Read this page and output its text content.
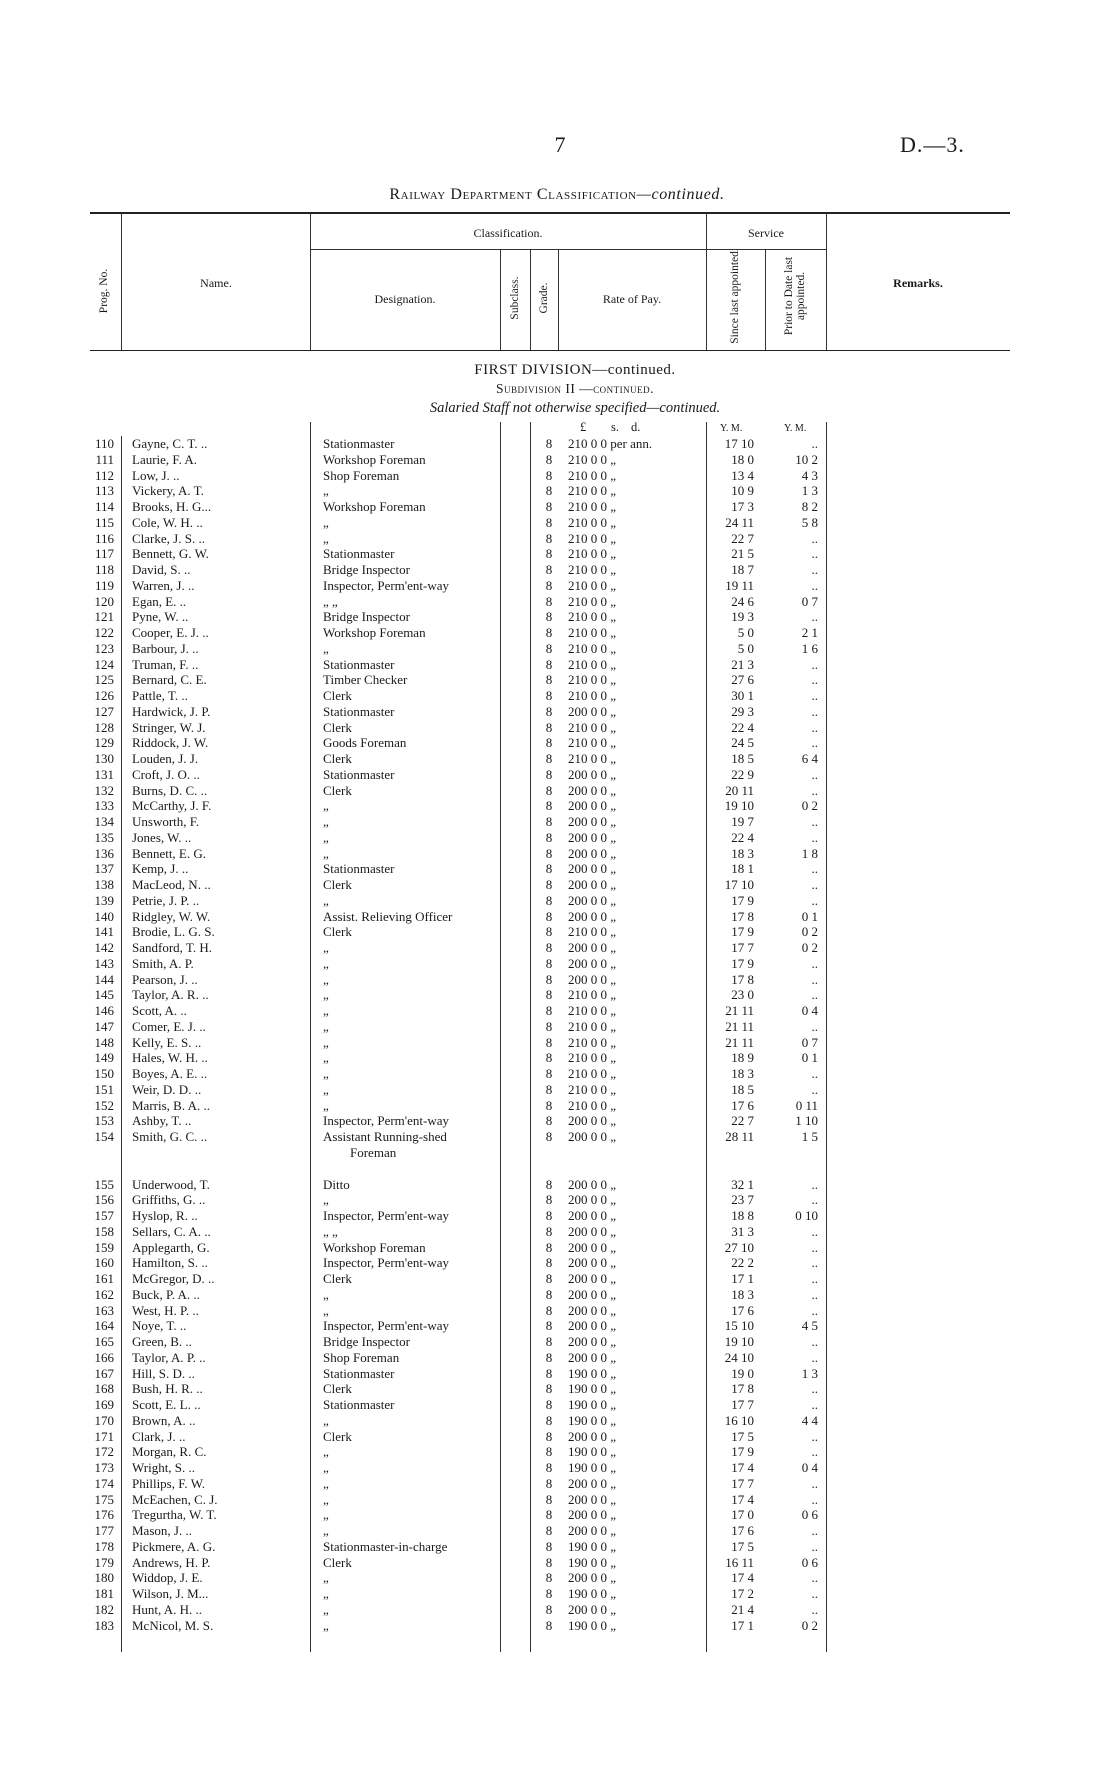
7	D.—3.
Railway Department Classification—continued.
Prog. No.	Name.
Classification.	Service
Designation.	Subclass. Grade.	Rate of Pay.	Since last appointed.	Prior to Date last appointed.	Remarks.
FIRST DIVISION—continued.
Subdivision II —continued.
Salaried Staff not otherwise specified—continued.
£ s. d.	Y. M.	Y. M.
110 Gayne, C. T. ..	Stationmaster	8 210 0 0 per ann.	17 10	..
111 Laurie, F. A.	Workshop Foreman	8 210 0 0 „	18 0	10 2
112 Low, J. ..	Shop Foreman	8 210 0 0 „	13 4	4 3
113 Vickery, A. T.	„	8 210 0 0 „	10 9	1 3
114 Brooks, H. G...	Workshop Foreman	8 210 0 0 „	17 3	8 2
115 Cole, W. H. ..	„	8 210 0 0 „	24 11	5 8
116 Clarke, J. S. ..	„	8 210 0 0 „	22 7	..
117 Bennett, G. W.	Stationmaster	8 210 0 0 „	21 5	..
118 David, S. ..	Bridge Inspector	8 210 0 0 „	18 7	..
119 Warren, J. ..	Inspector, Perm'ent-way	8 210 0 0 „	19 11	..
120 Egan, E. ..	„ „	8 210 0 0 „	24 6	0 7
121 Pyne, W. ..	Bridge Inspector	8 210 0 0 „	19 3	..
122 Cooper, E. J. ..	Workshop Foreman	8 210 0 0 „	5 0	2 1
123 Barbour, J. ..	„	8 210 0 0 „	5 0	1 6
124 Truman, F. ..	Stationmaster	8 210 0 0 „	21 3	..
125 Bernard, C. E.	Timber Checker	8 210 0 0 „	27 6	..
126 Pattle, T. ..	Clerk	8 210 0 0 „	30 1	..
127 Hardwick, J. P.	Stationmaster	8 200 0 0 „	29 3	..
128 Stringer, W. J.	Clerk	8 210 0 0 „	22 4	..
129 Riddock, J. W.	Goods Foreman	8 210 0 0 „	24 5	..
130 Louden, J. J.	Clerk	8 210 0 0 „	18 5	6 4
131 Croft, J. O. ..	Stationmaster	8 200 0 0 „	22 9	..
132 Burns, D. C. ..	Clerk	8 200 0 0 „	20 11	..
133 McCarthy, J. F.	„	8 200 0 0 „	19 10	0 2
134 Unsworth, F.	„	8 200 0 0 „	19 7	..
135 Jones, W. ..	„	8 200 0 0 „	22 4	..
136 Bennett, E. G.	„	8 200 0 0 „	18 3	1 8
137 Kemp, J. ..	Stationmaster	8 200 0 0 „	18 1	..
138 MacLeod, N. ..	Clerk	8 200 0 0 „	17 10	..
139 Petrie, J. P. ..	„	8 200 0 0 „	17 9	..
140 Ridgley, W. W.	Assist. Relieving Officer	8 200 0 0 „	17 8	0 1
141 Brodie, L. G. S.	Clerk	8 210 0 0 „	17 9	0 2
142 Sandford, T. H.	„	8 200 0 0 „	17 7	0 2
143 Smith, A. P.	„	8 200 0 0 „	17 9	..
144 Pearson, J. ..	„	8 200 0 0 „	17 8	..
145 Taylor, A. R. ..	„	8 210 0 0 „	23 0	..
146 Scott, A. ..	„	8 210 0 0 „	21 11	0 4
147 Comer, E. J. ..	„	8 210 0 0 „	21 11	..
148 Kelly, E. S. ..	„	8 210 0 0 „	21 11	0 7
149 Hales, W. H. ..	„	8 210 0 0 „	18 9	0 1
150 Boyes, A. E. ..	„	8 210 0 0 „	18 3	..
151 Weir, D. D. ..	„	8 210 0 0 „	18 5	..
152 Marris, B. A. ..	„	8 210 0 0 „	17 6	0 11
153 Ashby, T. ..	Inspector, Perm'ent-way	8 200 0 0 „	22 7	1 10
154 Smith, G. C. ..	Assistant Running-shed	8 200 0 0 „	28 11	1 5
Foreman
155 Underwood, T.	Ditto	8 200 0 0 „	32 1	..
156 Griffiths, G. ..	„	8 200 0 0 „	23 7	..
157 Hyslop, R. ..	Inspector, Perm'ent-way	8 200 0 0 „	18 8	0 10
158 Sellars, C. A. ..	„ „	8 200 0 0 „	31 3	..
159 Applegarth, G.	Workshop Foreman	8 200 0 0 „	27 10	..
160 Hamilton, S. ..	Inspector, Perm'ent-way	8 200 0 0 „	22 2	..
161 McGregor, D. ..	Clerk	8 200 0 0 „	17 1	..
162 Buck, P. A. ..	„	8 200 0 0 „	18 3	..
163 West, H. P. ..	„	8 200 0 0 „	17 6	..
164 Noye, T. ..	Inspector, Perm'ent-way	8 200 0 0 „	15 10	4 5
165 Green, B. ..	Bridge Inspector	8 200 0 0 „	19 10	..
166 Taylor, A. P. ..	Shop Foreman	8 200 0 0 „	24 10	..
167 Hill, S. D. ..	Stationmaster	8 190 0 0 „	19 0	1 3
168 Bush, H. R. ..	Clerk	8 190 0 0 „	17 8	..
169 Scott, E. L. ..	Stationmaster	8 190 0 0 „	17 7	..
170 Brown, A. ..	„	8 190 0 0 „	16 10	4 4
171 Clark, J. ..	Clerk	8 200 0 0 „	17 5	..
172 Morgan, R. C.	„	8 190 0 0 „	17 9	..
173 Wright, S. ..	„	8 190 0 0 „	17 4	0 4
174 Phillips, F. W.	„	8 200 0 0 „	17 7	..
175 McEachen, C. J.	„	8 200 0 0 „	17 4	..
176 Tregurtha, W. T.	„	8 200 0 0 „	17 0	0 6
177 Mason, J. ..	„	8 200 0 0 „	17 6	..
178 Pickmere, A. G.	Stationmaster-in-charge	8 190 0 0 „	17 5	..
179 Andrews, H. P.	Clerk	8 190 0 0 „	16 11	0 6
180 Widdop, J. E.	„	8 200 0 0 „	17 4	..
181 Wilson, J. M...	„	8 190 0 0 „	17 2	..
182 Hunt, A. H. ..	„	8 200 0 0 „	21 4	..
183 McNicol, M. S.	„	8 190 0 0 „	17 1	0 2
